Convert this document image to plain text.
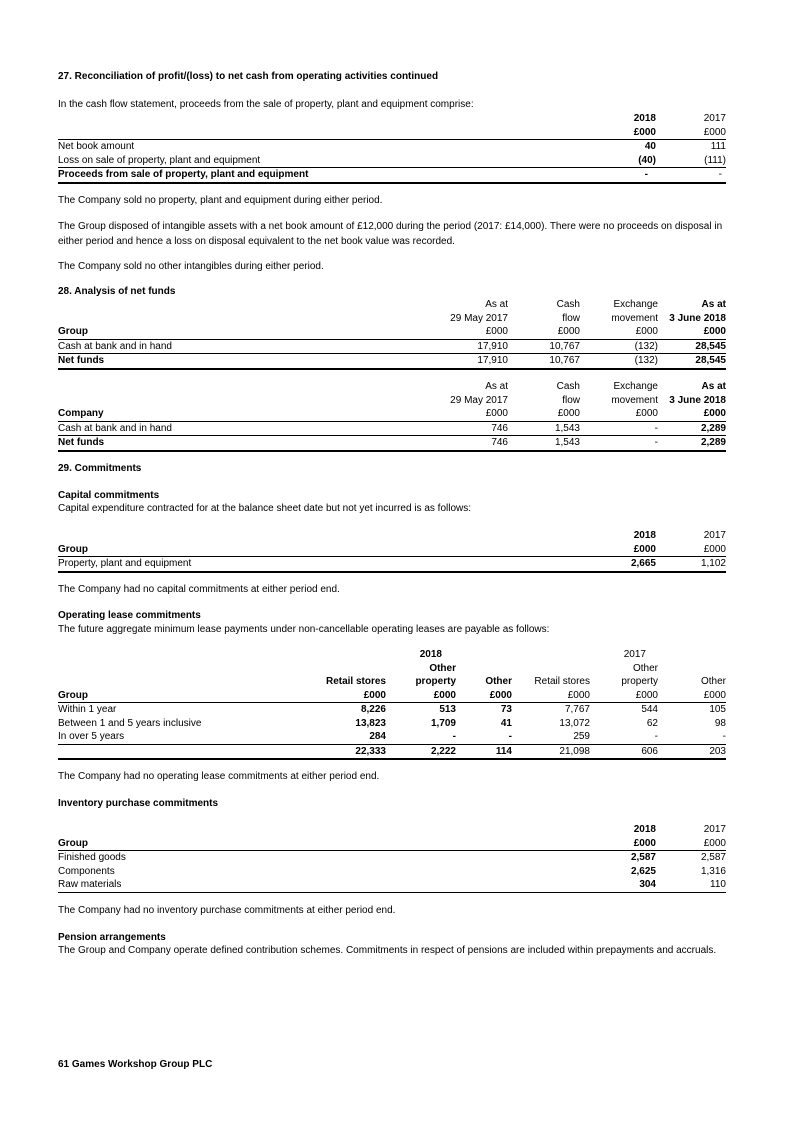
27. Reconciliation of profit/(loss) to net cash from operating activities continued
In the cash flow statement, proceeds from the sale of property, plant and equipment comprise:
	2018	2017
	£000	£000
Net book amount	40	111
Loss on sale of property, plant and equipment	(40)	(111)
Proceeds from sale of property, plant and equipment	-	-

The Company sold no property, plant and equipment during either period.

The Group disposed of intangible assets with a net book amount of £12,000 during the period (2017: £14,000). There were no proceeds on disposal in either period and hence a loss on disposal equivalent to the net book value was recorded.

The Company sold no other intangibles during either period.

28. Analysis of net funds
	As at	Cash	Exchange	As at
	29 May 2017	flow	movement	3 June 2018
Group	£000	£000	£000	£000
Cash at bank and in hand	17,910	10,767	(132)	28,545
Net funds	17,910	10,767	(132)	28,545
	As at	Cash	Exchange	As at
	29 May 2017	flow	movement	3 June 2018
Company	£000	£000	£000	£000
Cash at bank and in hand	746	1,543	-	2,289
Net funds	746	1,543	-	2,289
29. Commitments
Capital commitments
Capital expenditure contracted for at the balance sheet date but not yet incurred is as follows:
	2018	2017
Group	£000	£000
Property, plant and equipment	2,665	1,102
The Company had no capital commitments at either period end.
Operating lease commitments
The future aggregate minimum lease payments under non-cancellable operating leases are payable as follows:
		2018			2017	
		Other			Other	
	Retail stores	property	Other	Retail stores	property	Other
Group	£000	£000	£000	£000	£000	£000
Within 1 year	8,226	513	73	7,767	544	105
Between 1 and 5 years inclusive	13,823	1,709	41	13,072	62	98
In over 5 years	284	-	-	259	-	-
	22,333	2,222	114	21,098	606	203
The Company had no operating lease commitments at either period end.
Inventory purchase commitments
	2018	2017
Group	£000	£000
Finished goods	2,587	2,587
Components	2,625	1,316
Raw materials	304	110
The Company had no inventory purchase commitments at either period end.
Pension arrangements
The Group and Company operate defined contribution schemes. Commitments in respect of pensions are included within prepayments and accruals.
61 Games Workshop Group PLC
